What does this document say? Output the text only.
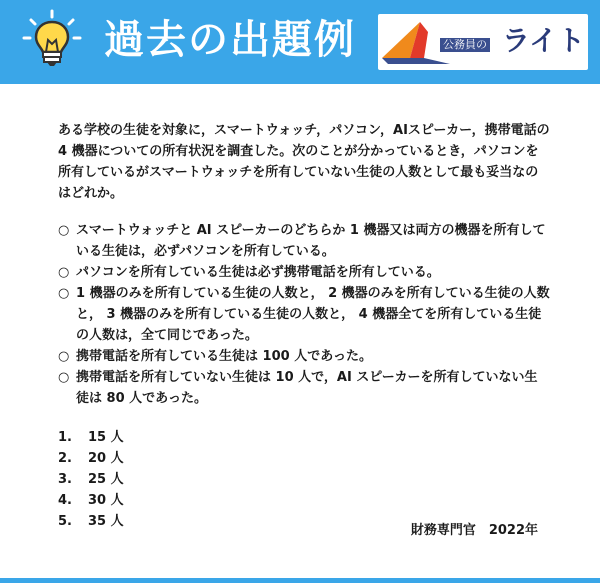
過去の出題例	公務員の ライト

ある学校の生徒を対象に，スマートウォッチ，パソコン，AIスピーカー，携帯電話の 4 機器についての所有状況を調査した。次のことが分かっているとき，パソコンを所有しているがスマートウォッチを所有していない生徒の人数として最も妥当なのはどれか。

○ スマートウォッチと AI スピーカーのどちらか 1 機器又は両方の機器を所有している生徒は，必ずパソコンを所有している。
○ パソコンを所有している生徒は必ず携帯電話を所有している。
○ 1 機器のみを所有している生徒の人数と， 2 機器のみを所有している生徒の人数と， 3 機器のみを所有している生徒の人数と， 4 機器全てを所有している生徒の人数は，全て同じであった。
○ 携帯電話を所有している生徒は 100 人であった。
○ 携帯電話を所有していない生徒は 10 人で，AI スピーカーを所有していない生徒は 80 人であった。
1.	15 人
2.	20 人
3.	25 人
4.	30 人
5.	35 人
財務専門官　2022年
